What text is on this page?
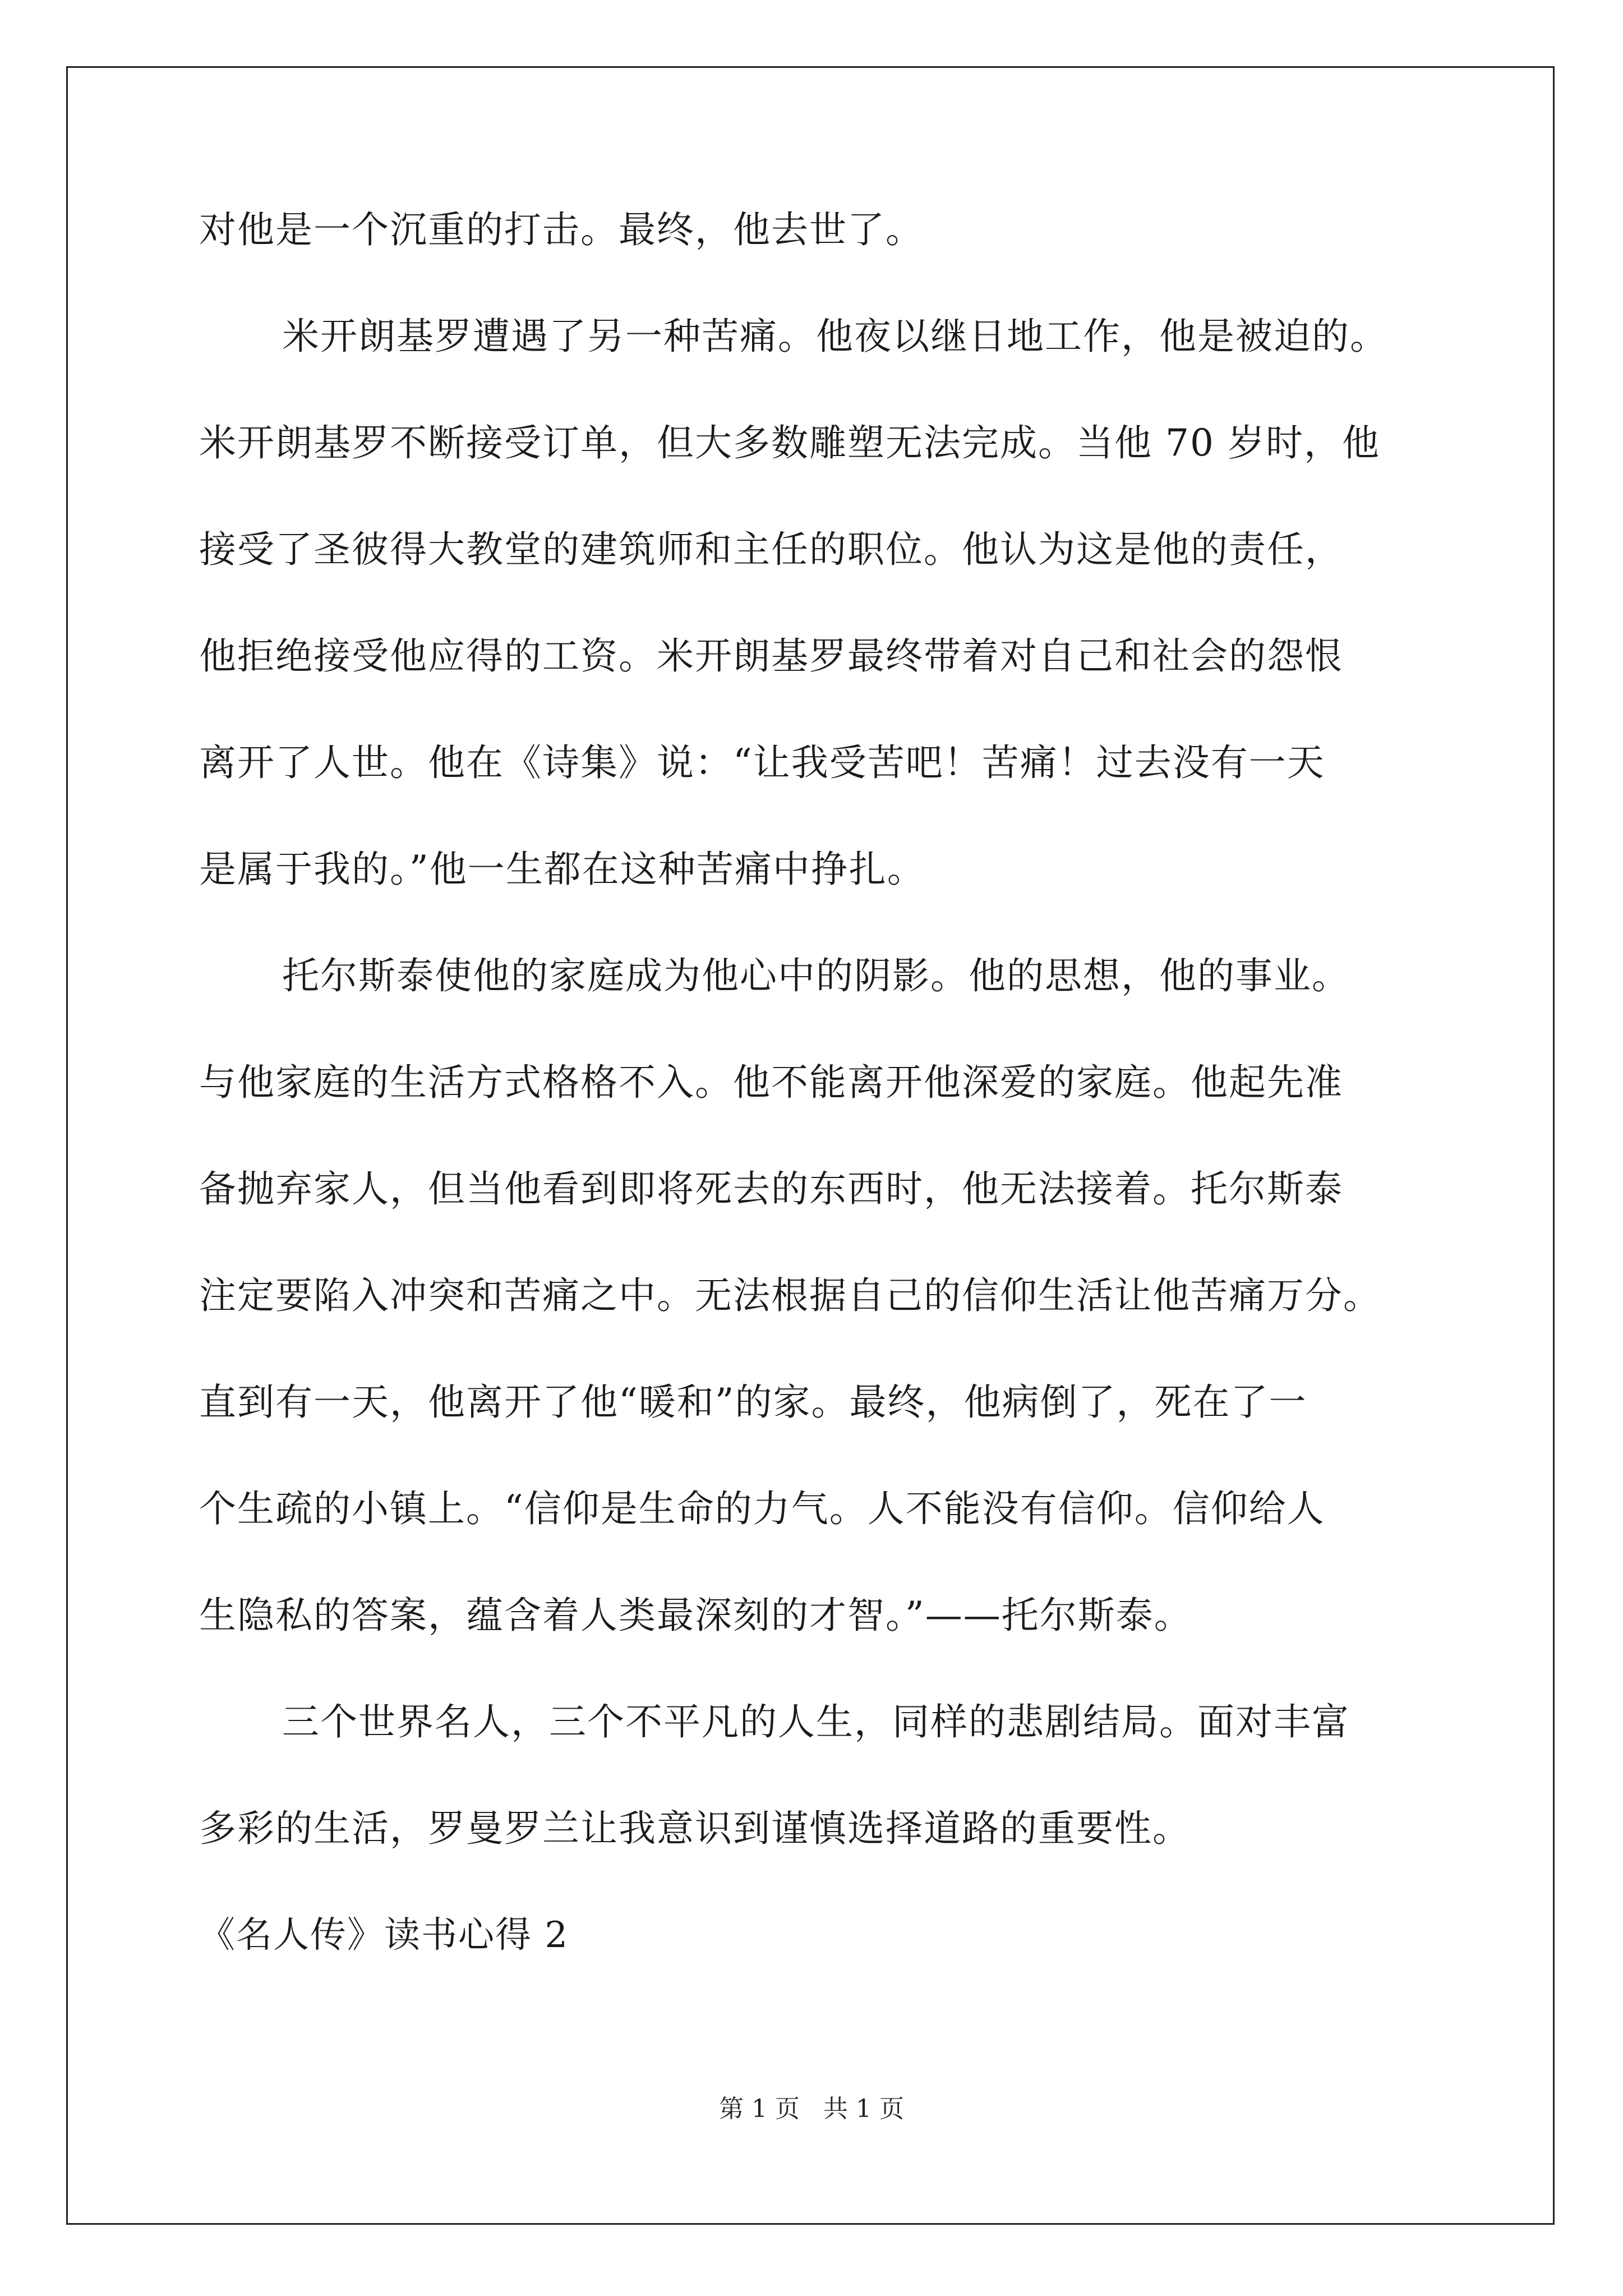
对他是一个沉重的打击。最终，他去世了。
米开朗基罗遭遇了另一种苦痛。他夜以继日地工作，他是被迫的。
米开朗基罗不断接受订单，但大多数雕塑无法完成。当他 70 岁时，他
接受了圣彼得大教堂的建筑师和主任的职位。他认为这是他的责任，
他拒绝接受他应得的工资。米开朗基罗最终带着对自己和社会的怨恨
离开了人世。他在《诗集》说：“让我受苦吧！苦痛！过去没有一天
是属于我的。”他一生都在这种苦痛中挣扎。
托尔斯泰使他的家庭成为他心中的阴影。他的思想，他的事业。
与他家庭的生活方式格格不入。他不能离开他深爱的家庭。他起先准
备抛弃家人，但当他看到即将死去的东西时，他无法接着。托尔斯泰
注定要陷入冲突和苦痛之中。无法根据自己的信仰生活让他苦痛万分。
直到有一天，他离开了他“暖和”的家。最终，他病倒了，死在了一
个生疏的小镇上。“信仰是生命的力气。人不能没有信仰。信仰给人
生隐私的答案，蕴含着人类最深刻的才智。”——托尔斯泰。
三个世界名人，三个不平凡的人生，同样的悲剧结局。面对丰富
多彩的生活，罗曼罗兰让我意识到谨慎选择道路的重要性。
《名人传》读书心得 2
第 1 页   共 1 页
